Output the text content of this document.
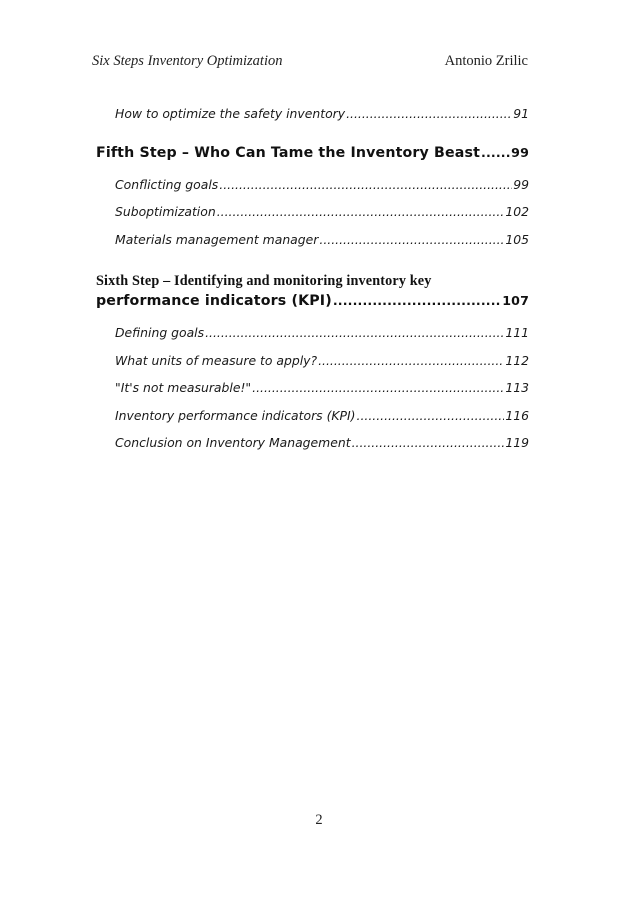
Six Steps Inventory Optimization	Antonio Zrilic
How to optimize the safety inventory .....	91
Fifth Step – Who Can Tame the Inventory Beast ..... 99
Conflicting goals .....	99
Suboptimization .....	102
Materials management manager .....	105
Sixth Step – Identifying and monitoring inventory key
performance indicators (KPI) .....	107
Defining goals .....	111
What units of measure to apply? .....	112
"It's not measurable!" .....	113
Inventory performance indicators (KPI) .....	116
Conclusion on Inventory Management .....	119
2
